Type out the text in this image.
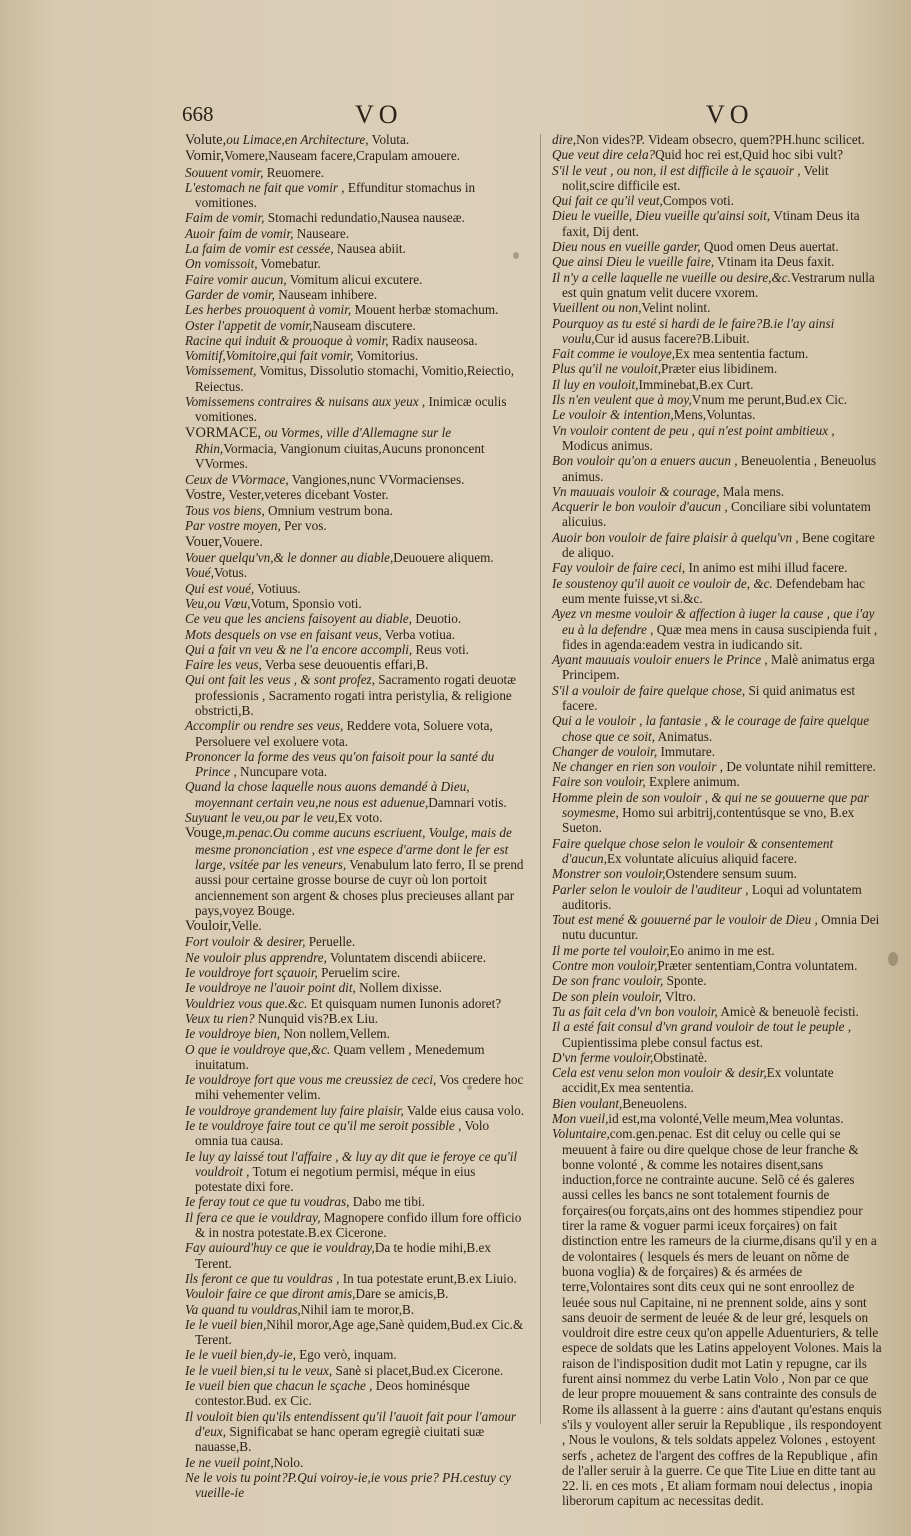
668	VO	VO

Volute,ou Limace,en Architecture, Voluta.

Vomir,Vomere,Nauseam facere,Crapulam amouere.

Souuent vomir, Reuomere.

L'estomach ne fait que vomir , Effunditur stomachus in vomitiones.

Faim de vomir, Stomachi redundatio,Nausea nauseæ.

Auoir faim de vomir, Nauseare.

La faim de vomir est cessée, Nausea abiit.

On vomissoit, Vomebatur.

Faire vomir aucun, Vomitum alicui excutere.

Garder de vomir, Nauseam inhibere.

Les herbes prouoquent à vomir, Mouent herbæ stomachum.

Oster l'appetit de vomir,Nauseam discutere.

Racine qui induit & prouoque à vomir, Radix nauseosa.

Vomitif,Vomitoire,qui fait vomir, Vomitorius.

Vomissement, Vomitus, Dissolutio stomachi, Vomitio,Reiectio, Reiectus.

Vomissemens contraires & nuisans aux yeux , Inimicæ oculis vomitiones.

VORMACE, ou Vormes, ville d'Allemagne sur le Rhin,Vormacia, Vangionum ciuitas,Aucuns prononcent VVormes.

Ceux de VVormace, Vangiones,nunc VVormacienses.

Vostre, Vester,veteres dicebant Voster.

Tous vos biens, Omnium vestrum bona.

Par vostre moyen, Per vos.

Vouer,Vouere.

Vouer quelqu'vn,& le donner au diable,Deuouere aliquem.

Voué,Votus.

Qui est voué, Votiuus.

Veu,ou Vœu,Votum, Sponsio voti.

Ce veu que les anciens faisoyent au diable, Deuotio.

Mots desquels on vse en faisant veus, Verba votiua.

Qui a fait vn veu & ne l'a encore accompli, Reus voti.

Faire les veus, Verba sese deuouentis effari,B.

Qui ont fait les veus , & sont profez, Sacramento rogati deuotæ professionis , Sacramento rogati intra peristylia, & religione obstricti,B.

Accomplir ou rendre ses veus, Reddere vota, Soluere vota, Persoluere vel exoluere vota.

Prononcer la forme des veus qu'on faisoit pour la santé du Prince , Nuncupare vota.

Quand la chose laquelle nous auons demandé à Dieu, moyennant certain veu,ne nous est aduenue,Damnari votis.

Suyuant le veu,ou par le veu,Ex voto.

Vouge,m.penac.Ou comme aucuns escriuent, Voulge, mais de mesme prononciation , est vne espece d'arme dont le fer est large, vsitée par les veneurs, Venabulum lato ferro, Il se prend aussi pour certaine grosse bourse de cuyr où lon portoit anciennement son argent & choses plus precieuses allant par pays,voyez Bouge.

Vouloir,Velle.

Fort vouloir & desirer, Peruelle.

Ne vouloir plus apprendre, Voluntatem discendi abiicere.

Ie vouldroye fort sçauoir, Peruelim scire.

Ie vouldroye ne l'auoir point dit, Nollem dixisse.

Vouldriez vous que.&c. Et quisquam numen Iunonis adoret?

Veux tu rien? Nunquid vis?B.ex Liu.

Ie vouldroye bien, Non nollem,Vellem.

O que ie vouldroye que,&c. Quam vellem , Menedemum inuitatum.

Ie vouldroye fort que vous me creussiez de ceci, Vos credere hoc mihi vehementer velim.

Ie vouldroye grandement luy faire plaisir, Valde eius causa volo.

Ie te vouldroye faire tout ce qu'il me seroit possible , Volo omnia tua causa.

Ie luy ay laissé tout l'affaire , & luy ay dit que ie feroye ce qu'il vouldroit , Totum ei negotium permisi, méque in eius potestate dixi fore.

Ie feray tout ce que tu voudras, Dabo me tibi.

Il fera ce que ie vouldray, Magnopere confido illum fore officio & in nostra potestate.B.ex Cicerone.

Fay auiourd'huy ce que ie vouldray,Da te hodie mihi,B.ex Terent.

Ils feront ce que tu vouldras , In tua potestate erunt,B.ex Liuio.

Vouloir faire ce que diront amis,Dare se amicis,B.

Va quand tu vouldras,Nihil iam te moror,B.

Ie le vueil bien,Nihil moror,Age age,Sanè quidem,Bud.ex Cic.& Terent.

Ie le vueil bien,dy-ie, Ego verò, inquam.

Ie le vueil bien,si tu le veux, Sanè si placet,Bud.ex Cicerone.

Ie vueil bien que chacun le sçache , Deos hominésque contestor.Bud. ex Cic.

Il vouloit bien qu'ils entendissent qu'il l'auoit fait pour l'amour d'eux, Significabat se hanc operam egregiè ciuitati suæ nauasse,B.

Ie ne vueil point,Nolo.

Ne le vois tu point?P.Qui voiroy-ie,ie vous prie? PH.cestuy cy vueille-ie

dire,Non vides?P. Videam obsecro, quem?PH.hunc scilicet.

Que veut dire cela?Quid hoc rei est,Quid hoc sibi vult?

S'il le veut , ou non, il est difficile à le sçauoir , Velit nolit,scire difficile est.

Qui fait ce qu'il veut,Compos voti.

Dieu le vueille, Dieu vueille qu'ainsi soit, Vtinam Deus ita faxit, Dij dent.

Dieu nous en vueille garder, Quod omen Deus auertat.

Que ainsi Dieu le vueille faire, Vtinam ita Deus faxit.

Il n'y a celle laquelle ne vueille ou desire,&c.Vestrarum nulla est quin gnatum velit ducere vxorem.

Vueillent ou non,Velint nolint.

Pourquoy as tu esté si hardi de le faire?B.ie l'ay ainsi voulu,Cur id ausus facere?B.Libuit.

Fait comme ie vouloye,Ex mea sententia factum.

Plus qu'il ne vouloit,Præter eius libidinem.

Il luy en vouloit,Imminebat,B.ex Curt.

Ils n'en veulent que à moy,Vnum me perunt,Bud.ex Cic.

Le vouloir & intention,Mens,Voluntas.

Vn vouloir content de peu , qui n'est point ambitieux , Modicus animus.

Bon vouloir qu'on a enuers aucun , Beneuolentia , Beneuolus animus.

Vn mauuais vouloir & courage, Mala mens.

Acquerir le bon vouloir d'aucun , Conciliare sibi voluntatem alicuius.

Auoir bon vouloir de faire plaisir à quelqu'vn , Bene cogitare de aliquo.

Fay vouloir de faire ceci, In animo est mihi illud facere.

Ie soustenoy qu'il auoit ce vouloir de, &c. Defendebam hac eum mente fuisse,vt si.&c.

Ayez vn mesme vouloir & affection à iuger la cause , que i'ay eu à la defendre , Quæ mea mens in causa suscipienda fuit , fides in agenda:eadem vestra in iudicando sit.

Ayant mauuais vouloir enuers le Prince , Malè animatus erga Principem.

S'il a vouloir de faire quelque chose, Si quid animatus est facere.

Qui a le vouloir , la fantasie , & le courage de faire quelque chose que ce soit, Animatus.

Changer de vouloir, Immutare.

Ne changer en rien son vouloir , De voluntate nihil remittere.

Faire son vouloir, Explere animum.

Homme plein de son vouloir , & qui ne se gouuerne que par soymesme, Homo sui arbitrij,contentúsque se vno, B.ex Sueton.

Faire quelque chose selon le vouloir & consentement d'aucun,Ex voluntate alicuius aliquid facere.

Monstrer son vouloir,Ostendere sensum suum.

Parler selon le vouloir de l'auditeur , Loqui ad voluntatem auditoris.

Tout est mené & gouuerné par le vouloir de Dieu , Omnia Dei nutu ducuntur.

Il me porte tel vouloir,Eo animo in me est.

Contre mon vouloir,Præter sententiam,Contra voluntatem.

De son franc vouloir, Sponte.

De son plein vouloir, Vltro.

Tu as fait cela d'vn bon vouloir, Amicè & beneuolè fecisti.

Il a esté fait consul d'vn grand vouloir de tout le peuple , Cupientissima plebe consul factus est.

D'vn ferme vouloir,Obstinatè.

Cela est venu selon mon vouloir & desir,Ex voluntate accidit,Ex mea sententia.

Bien voulant,Beneuolens.

Mon vueil,id est,ma volonté,Velle meum,Mea voluntas.

Voluntaire,com.gen.penac. Est dit celuy ou celle qui se meuuent à faire ou dire quelque chose de leur franche & bonne volonté , & comme les notaires disent,sans induction,force ne contrainte aucune. Selõ cé és galeres aussi celles les bancs ne sont totalement fournis de forçaires(ou forçats,ains ont des hommes stipendiez pour tirer la rame & voguer parmi iceux forçaires) on fait distinction entre les rameurs de la ciurme,disans qu'il y en a de volontaires ( lesquels és mers de leuant on nõme de buona voglia) & de forçaires) & és armées de terre,Volontaires sont dits ceux qui ne sont enroollez de leuée sous nul Capitaine, ni ne prennent solde, ains y sont sans deuoir de serment de leuée & de leur gré, lesquels on vouldroit dire estre ceux qu'on appelle Aduenturiers, & telle espece de soldats que les Latins appeloyent Volones. Mais la raison de l'indisposition dudit mot Latin y repugne, car ils furent ainsi nommez du verbe Latin Volo , Non par ce que de leur propre mouuement & sans contrainte des consuls de Rome ils allassent à la guerre : ains d'autant qu'estans enquis s'ils y vouloyent aller seruir la Republique , ils respondoyent , Nous le voulons, & tels soldats appelez Volones , estoyent serfs , achetez de l'argent des coffres de la Republique , afin de l'aller seruir à la guerre. Ce que Tite Liue en ditte tant au 22. li. en ces mots , Et aliam formam noui delectus , inopia liberorum capitum ac necessitas dedit.
